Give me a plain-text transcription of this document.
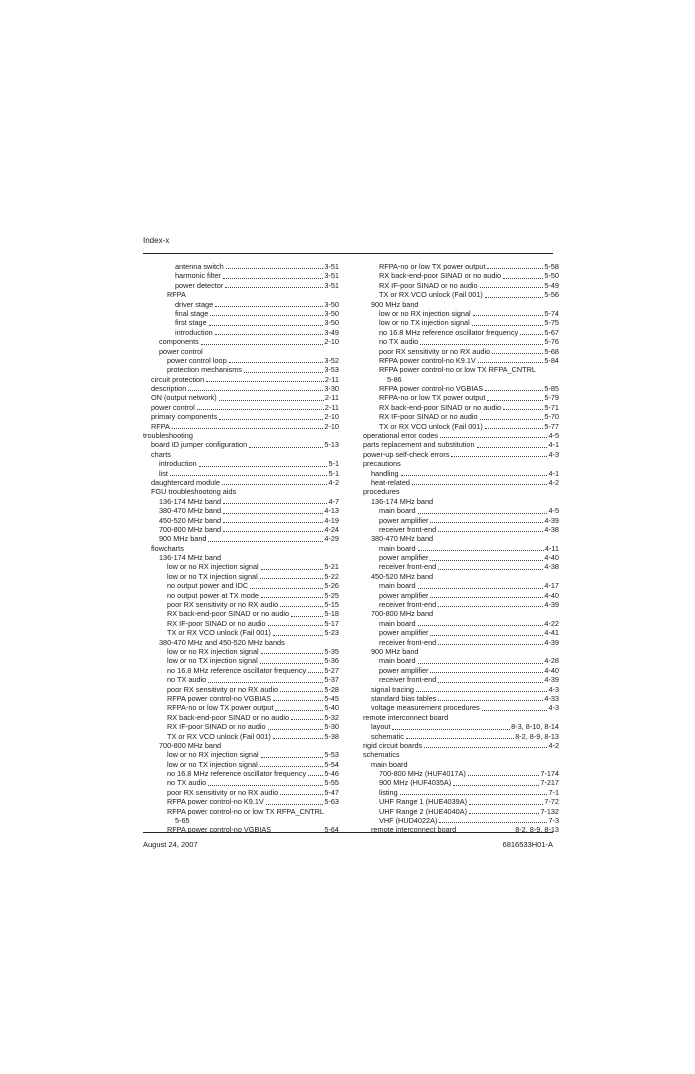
Index-x
antenna switch	3-51
harmonic filter	3-51
power detector	3-51
RFPA
driver stage	3-50
final stage	3-50
first stage	3-50
introduction	3-49
components	2-10
power control
power control loop	3-52
protection mechanisms	3-53
circuit protection	2-11
description	3-30
ON (output network)	2-11
power control	2-11
primary components	2-10
RFPA	2-10
troubleshooting
board ID jumper configuration	5-13
charts
introduction	5-1
list	5-1
daughtercard module	4-2
FGU troubleshootong aids
136-174 MHz band	4-7
380-470 MHz band	4-13
450-520 MHz band	4-19
700-800 MHz band	4-24
900 MHz band	4-29
flowcharts
136-174 MHz band
low or no RX injection signal	5-21
low or no TX injection signal	5-22
no output power and IDC	5-26
no output power at TX mode	5-25
poor RX sensitivity or no RX audio	5-15
RX back-end-poor SINAD or no audio	5-18
RX IF-poor SINAD or no audio	5-17
TX or RX VCO unlock (Fail 001)	5-23
380-470 MHz and 450-520 MHz bands
low or no RX injection signal	5-35
low or no TX injection signal	5-36
no 16.8 MHz reference oscillator frequency	5-27
no TX audio	5-37
poor RX sensitivity or no RX audio	5-28
RFPA power control-no VGBIAS	5-45
RFPA-no or low TX power output	5-40
RX back-end-poor SINAD or no audio	5-32
RX IF-poor SINAD or no audio	5-30
TX or RX VCO unlock (Fail 001)	5-38
700-800 MHz band
low or no RX injection signal	5-53
low or no TX injection signal	5-54
no 16.8 MHz reference oscillator frequency	5-46
no TX audio	5-55
poor RX sensitivity or no RX audio	5-47
RFPA power control-no K9.1V	5-63
RFPA power control-no or low TX RFPA_CNTRL
5-65
RFPA power control-no VGBIAS	5-64
RFPA-no or low TX power output	5-58
RX back-end-poor SINAD or no audio	5-50
RX IF-poor SINAD or no audio	5-49
TX or RX VCO unlock (Fail 001)	5-56
900 MHz band
low or no RX injection signal	5-74
low or no TX injection signal	5-75
no 16.8 MHz reference oscillator frequency	5-67
no TX audio	5-76
poor RX sensitivity or no RX audio	5-68
RFPA power control-no K9.1V	5-84
RFPA power control-no or low TX RFPA_CNTRL
5-86
RFPA power control-no VGBIAS	5-85
RFPA-no or low TX power output	5-79
RX back-end-poor SINAD or no audio	5-71
RX IF-poor SINAD or no audio	5-70
TX or RX VCO unlock (Fail 001)	5-77
operational error codes	4-5
parts replacement and substitution	4-1
power-up self-check errors	4-3
precautions
handling	4-1
heat-related	4-2
procedures
136-174 MHz band
main board	4-5
power amplifier	4-39
receiver front-end	4-38
380-470 MHz band
main board	4-11
power amplifier	4-40
receiver front-end	4-38
450-520 MHz band
main board	4-17
power amplifier	4-40
receiver front-end	4-39
700-800 MHz band
main board	4-22
power amplifier	4-41
receiver front-end	4-39
900 MHz band
main board	4-28
power amplifier	4-40
receiver front-end	4-39
signal tracing	4-3
standard bias tables	4-33
voltage measurement procedures	4-3
remote interconnect board
layout	8-3, 8-10, 8-14
schematic	8-2, 8-9, 8-13
rigid circuit boards	4-2
schematics
main board
700-800 MHz (HUF4017A)	7-174
900 MHz (HUF4035A)	7-217
listing	7-1
UHF Range 1 (HUE4039A)	7-72
UHF Range 2 (HUE4040A)	7-132
VHF (HUD4022A)	7-3
remote interconnect board	8-2, 8-9, 8-13
August 24, 2007	6816533H01-A
